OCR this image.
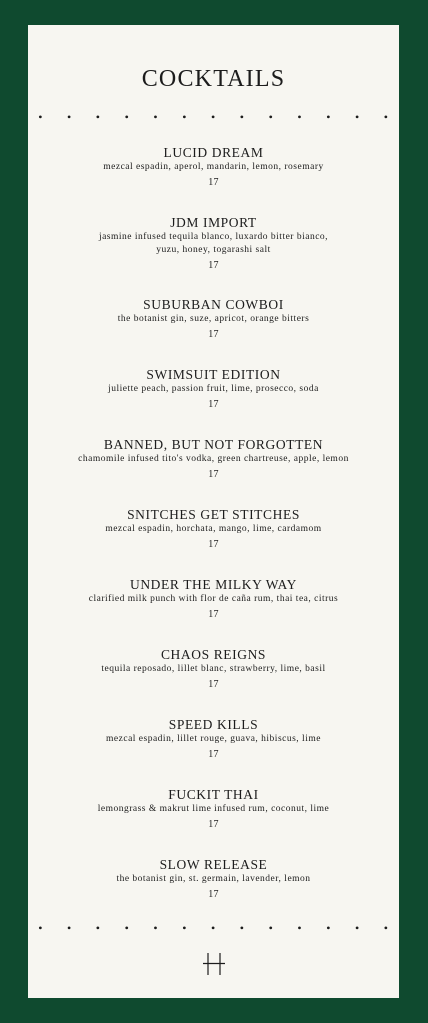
COCKTAILS
• • • • • • • • • • • • •
LUCID DREAM
mezcal espadin, aperol, mandarin, lemon, rosemary
17
JDM IMPORT
jasmine infused tequila blanco, luxardo bitter bianco,
yuzu, honey, togarashi salt
17
SUBURBAN COWBOI
the botanist gin, suze, apricot, orange bitters
17
SWIMSUIT EDITION
juliette peach, passion fruit, lime, prosecco, soda
17
BANNED, BUT NOT FORGOTTEN
chamomile infused tito's vodka, green chartreuse, apple, lemon
17
SNITCHES GET STITCHES
mezcal espadin, horchata, mango, lime, cardamom
17
UNDER THE MILKY WAY
clarified milk punch with flor de caña rum, thai tea, citrus
17
CHAOS REIGNS
tequila reposado, lillet blanc, strawberry, lime, basil
17
SPEED KILLS
mezcal espadin, lillet rouge, guava, hibiscus, lime
17
FUCKIT THAI
lemongrass & makrut lime infused rum, coconut, lime
17
SLOW RELEASE
the botanist gin, st. germain, lavender, lemon
17
• • • • • • • • • • • • •
